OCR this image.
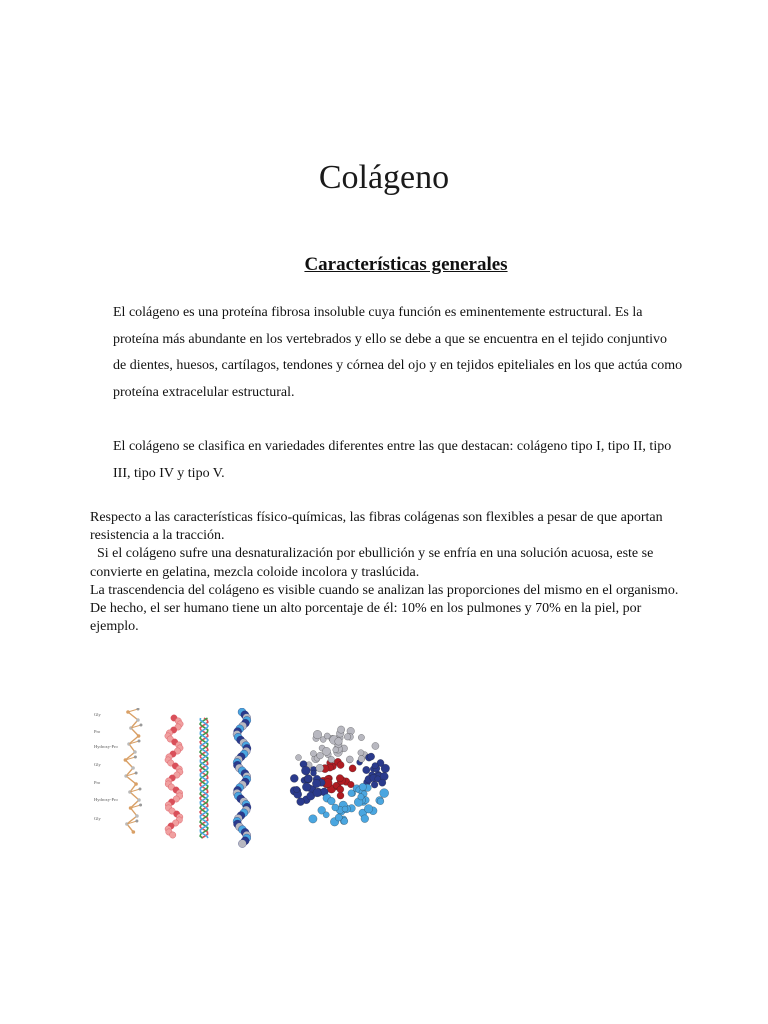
Colágeno
Características generales
El colágeno es una proteína fibrosa insoluble cuya función es eminentemente estructural. Es la proteína más abundante en los vertebrados y ello se debe a que se encuentra en el tejido conjuntivo de dientes, huesos, cartílagos, tendones y córnea del ojo y en tejidos epiteliales en los que actúa como proteína extracelular estructural.
El colágeno se clasifica en variedades diferentes entre las que destacan: colágeno tipo I, tipo II, tipo III, tipo IV y tipo V.

Respecto a las características físico-químicas, las fibras colágenas son flexibles a pesar de que aportan resistencia a la tracción.

Si el colágeno sufre una desnaturalización por ebullición y se enfría en una solución acuosa, este se convierte en gelatina, mezcla coloide incolora y traslúcida.

La trascendencia del colágeno es visible cuando se analizan las proporciones del mismo en el organismo. De hecho, el ser humano tiene un alto porcentaje de él: 10% en los pulmones y 70% en la piel, por ejemplo.

Gly
Pro
Hydroxy-Pro
Gly
Pro
Hydroxy-Pro
Gly
